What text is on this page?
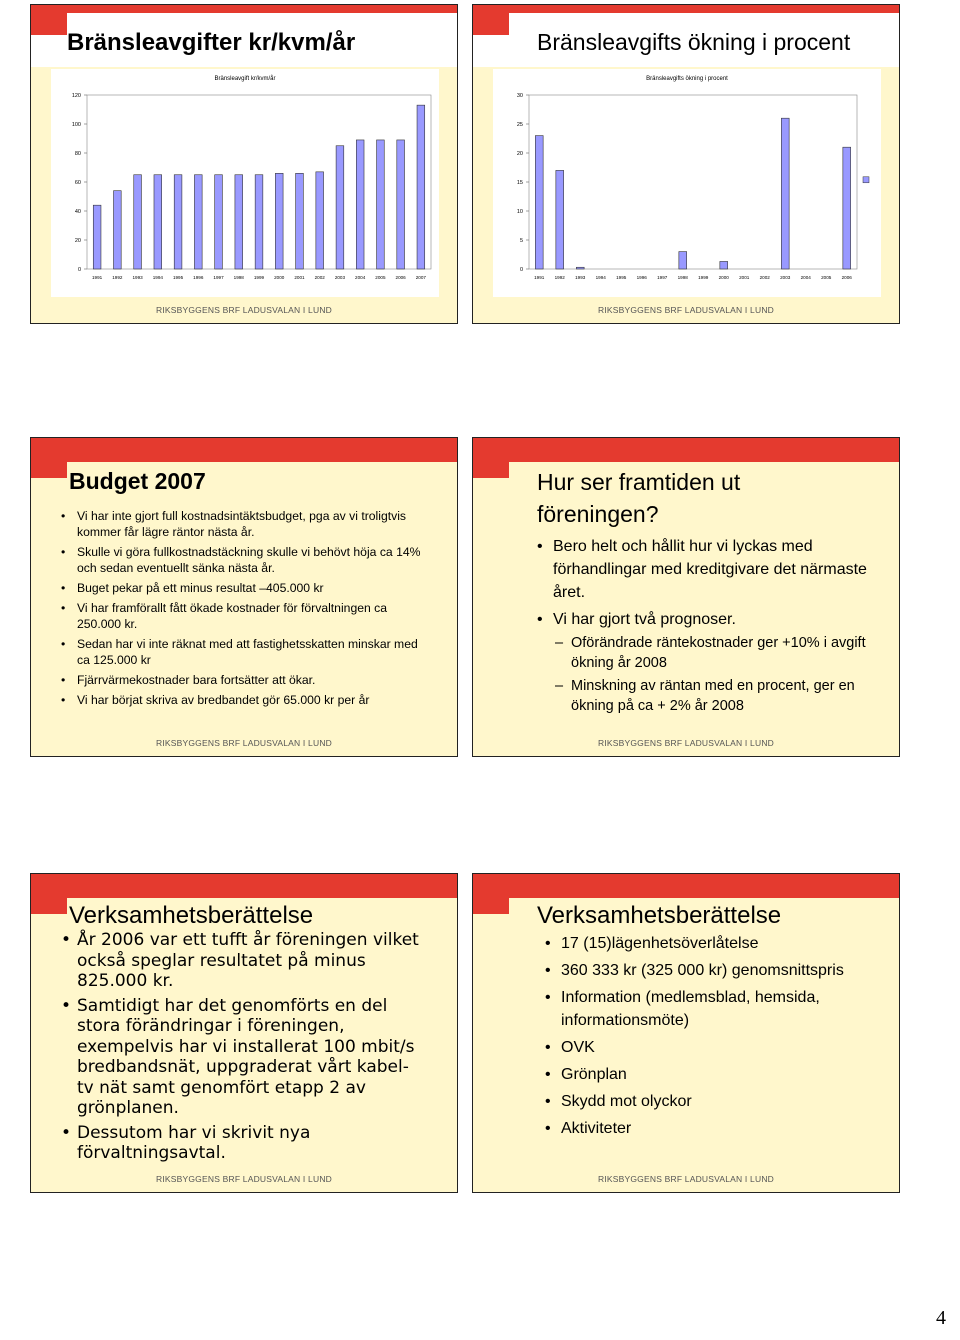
Bränsleavgifter kr/kvm/år
Bränsleavgift kr/kvm/år
0
20
40
60
80
100
120
1991 1992 1993 1994 1995 1996 1997 1998 1999 2000 2001 2002 2003 2004 2005 2006 2007
RIKSBYGGENS BRF LADUSVALAN I LUND
Bränsleavgifts ökning i procent
Bränsleavgifts ökning i procent
0
5
10
15
20
25
30
1991 1992 1993 1994 1995 1996 1997 1998 1999 2000 2001 2002 2003 2004 2005 2006
RIKSBYGGENS BRF LADUSVALAN I LUND
Budget 2007
• Vi har inte gjort full kostnadsintäktsbudget, pga av vi troligtvis kommer får lägre räntor nästa år.
• Skulle vi göra fullkostnadstäckning skulle vi behövt höja ca 14% och sedan eventuellt sänka nästa år.
• Buget pekar på ett minus resultat –405.000 kr
• Vi har framförallt fått ökade kostnader för förvaltningen ca 250.000 kr.
• Sedan har vi inte räknat med att fastighetsskatten minskar med ca 125.000 kr
• Fjärrvärmekostnader bara fortsätter att ökar.
• Vi har börjat skriva av bredbandet gör 65.000 kr per år
RIKSBYGGENS BRF LADUSVALAN I LUND
Hur ser framtiden ut föreningen?
• Bero helt och hållit hur vi lyckas med förhandlingar med kreditgivare det närmaste året.
• Vi har gjort två prognoser.
– Oförändrade räntekostnader ger +10% i avgift ökning år 2008
– Minskning av räntan med en procent, ger en ökning på ca + 2% år 2008
RIKSBYGGENS BRF LADUSVALAN I LUND
Verksamhetsberättelse
• År 2006 var ett tufft år föreningen vilket också speglar resultatet på minus 825.000 kr.
• Samtidigt har det genomförts en del stora förändringar i föreningen, exempelvis har vi installerat 100 mbit/s bredbandsnät, uppgraderat vårt kabel-tv nät samt genomfört etapp 2 av grönplanen.
• Dessutom har vi skrivit nya förvaltningsavtal.
RIKSBYGGENS BRF LADUSVALAN I LUND
Verksamhetsberättelse
• 17 (15)lägenhetsöverlåtelse
• 360 333 kr (325 000 kr) genomsnittspris
• Information (medlemsblad, hemsida, informationsmöte)
• OVK
• Grönplan
• Skydd mot olyckor
• Aktiviteter
RIKSBYGGENS BRF LADUSVALAN I LUND
4
